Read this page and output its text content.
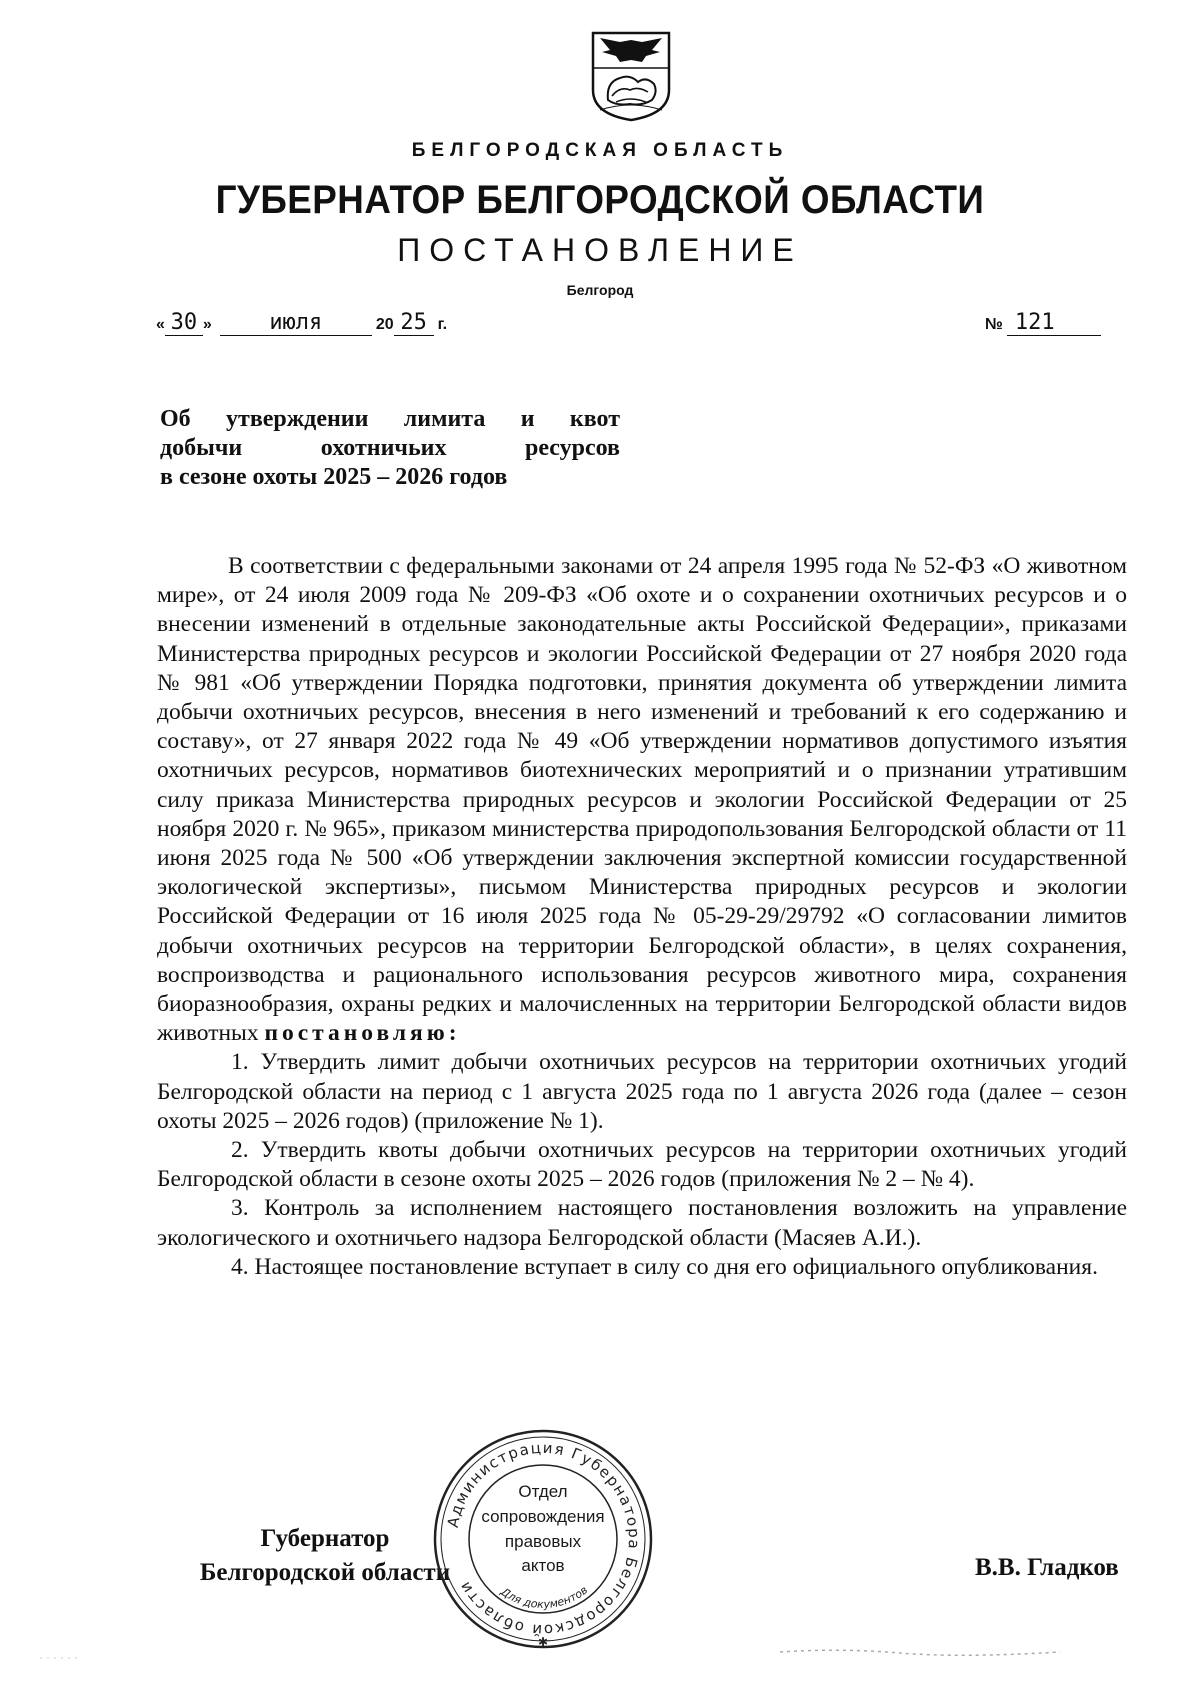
БЕЛГОРОДСКАЯ ОБЛАСТЬ
ГУБЕРНАТОР БЕЛГОРОДСКОЙ ОБЛАСТИ
ПОСТАНОВЛЕНИЕ
Белгород
« 30 »	июля	20 25 г.	№ 121
Об утверждении лимита и квот
добычи охотничьих ресурсов
в сезоне охоты 2025 – 2026 годов

В соответствии с федеральными законами от 24 апреля 1995 года № 52-ФЗ «О животном мире», от 24 июля 2009 года № 209-ФЗ «Об охоте и о сохранении охотничьих ресурсов и о внесении изменений в отдельные законодательные акты Российской Федерации», приказами Министерства природных ресурсов и экологии Российской Федерации от 27 ноября 2020 года № 981 «Об утверждении Порядка подготовки, принятия документа об утверждении лимита добычи охотничьих ресурсов, внесения в него изменений и требований к его содержанию и составу», от 27 января 2022 года № 49 «Об утверждении нормативов допустимого изъятия охотничьих ресурсов, нормативов биотехнических мероприятий и о признании утратившим силу приказа Министерства природных ресурсов и экологии Российской Федерации от 25 ноября 2020 г. № 965», приказом министерства природопользования Белгородской области от 11 июня 2025 года № 500 «Об утверждении заключения экспертной комиссии государственной экологической экспертизы», письмом Министерства природных ресурсов и экологии Российской Федерации от 16 июля 2025 года № 05-29-29/29792 «О согласовании лимитов добычи охотничьих ресурсов на территории Белгородской области», в целях сохранения, воспроизводства и рационального использования ресурсов животного мира, сохранения биоразнообразия, охраны редких и малочисленных на территории Белгородской области видов животных постановляю:

1. Утвердить лимит добычи охотничьих ресурсов на территории охотничьих угодий Белгородской области на период с 1 августа 2025 года по 1 августа 2026 года (далее – сезон охоты 2025 – 2026 годов) (приложение № 1).

2. Утвердить квоты добычи охотничьих ресурсов на территории охотничьих угодий Белгородской области в сезоне охоты 2025 – 2026 годов (приложения № 2 – № 4).

3. Контроль за исполнением настоящего постановления возложить на управление экологического и охотничьего надзора Белгородской области (Масяев А.И.).

4. Настоящее постановление вступает в силу со дня его официального опубликования.

Губернатор
Белгородской области	В.В. Гладков
Администрация Губернатора Белгородской области	Для документов
✱
Отдел
сопровождения
правовых
актов
